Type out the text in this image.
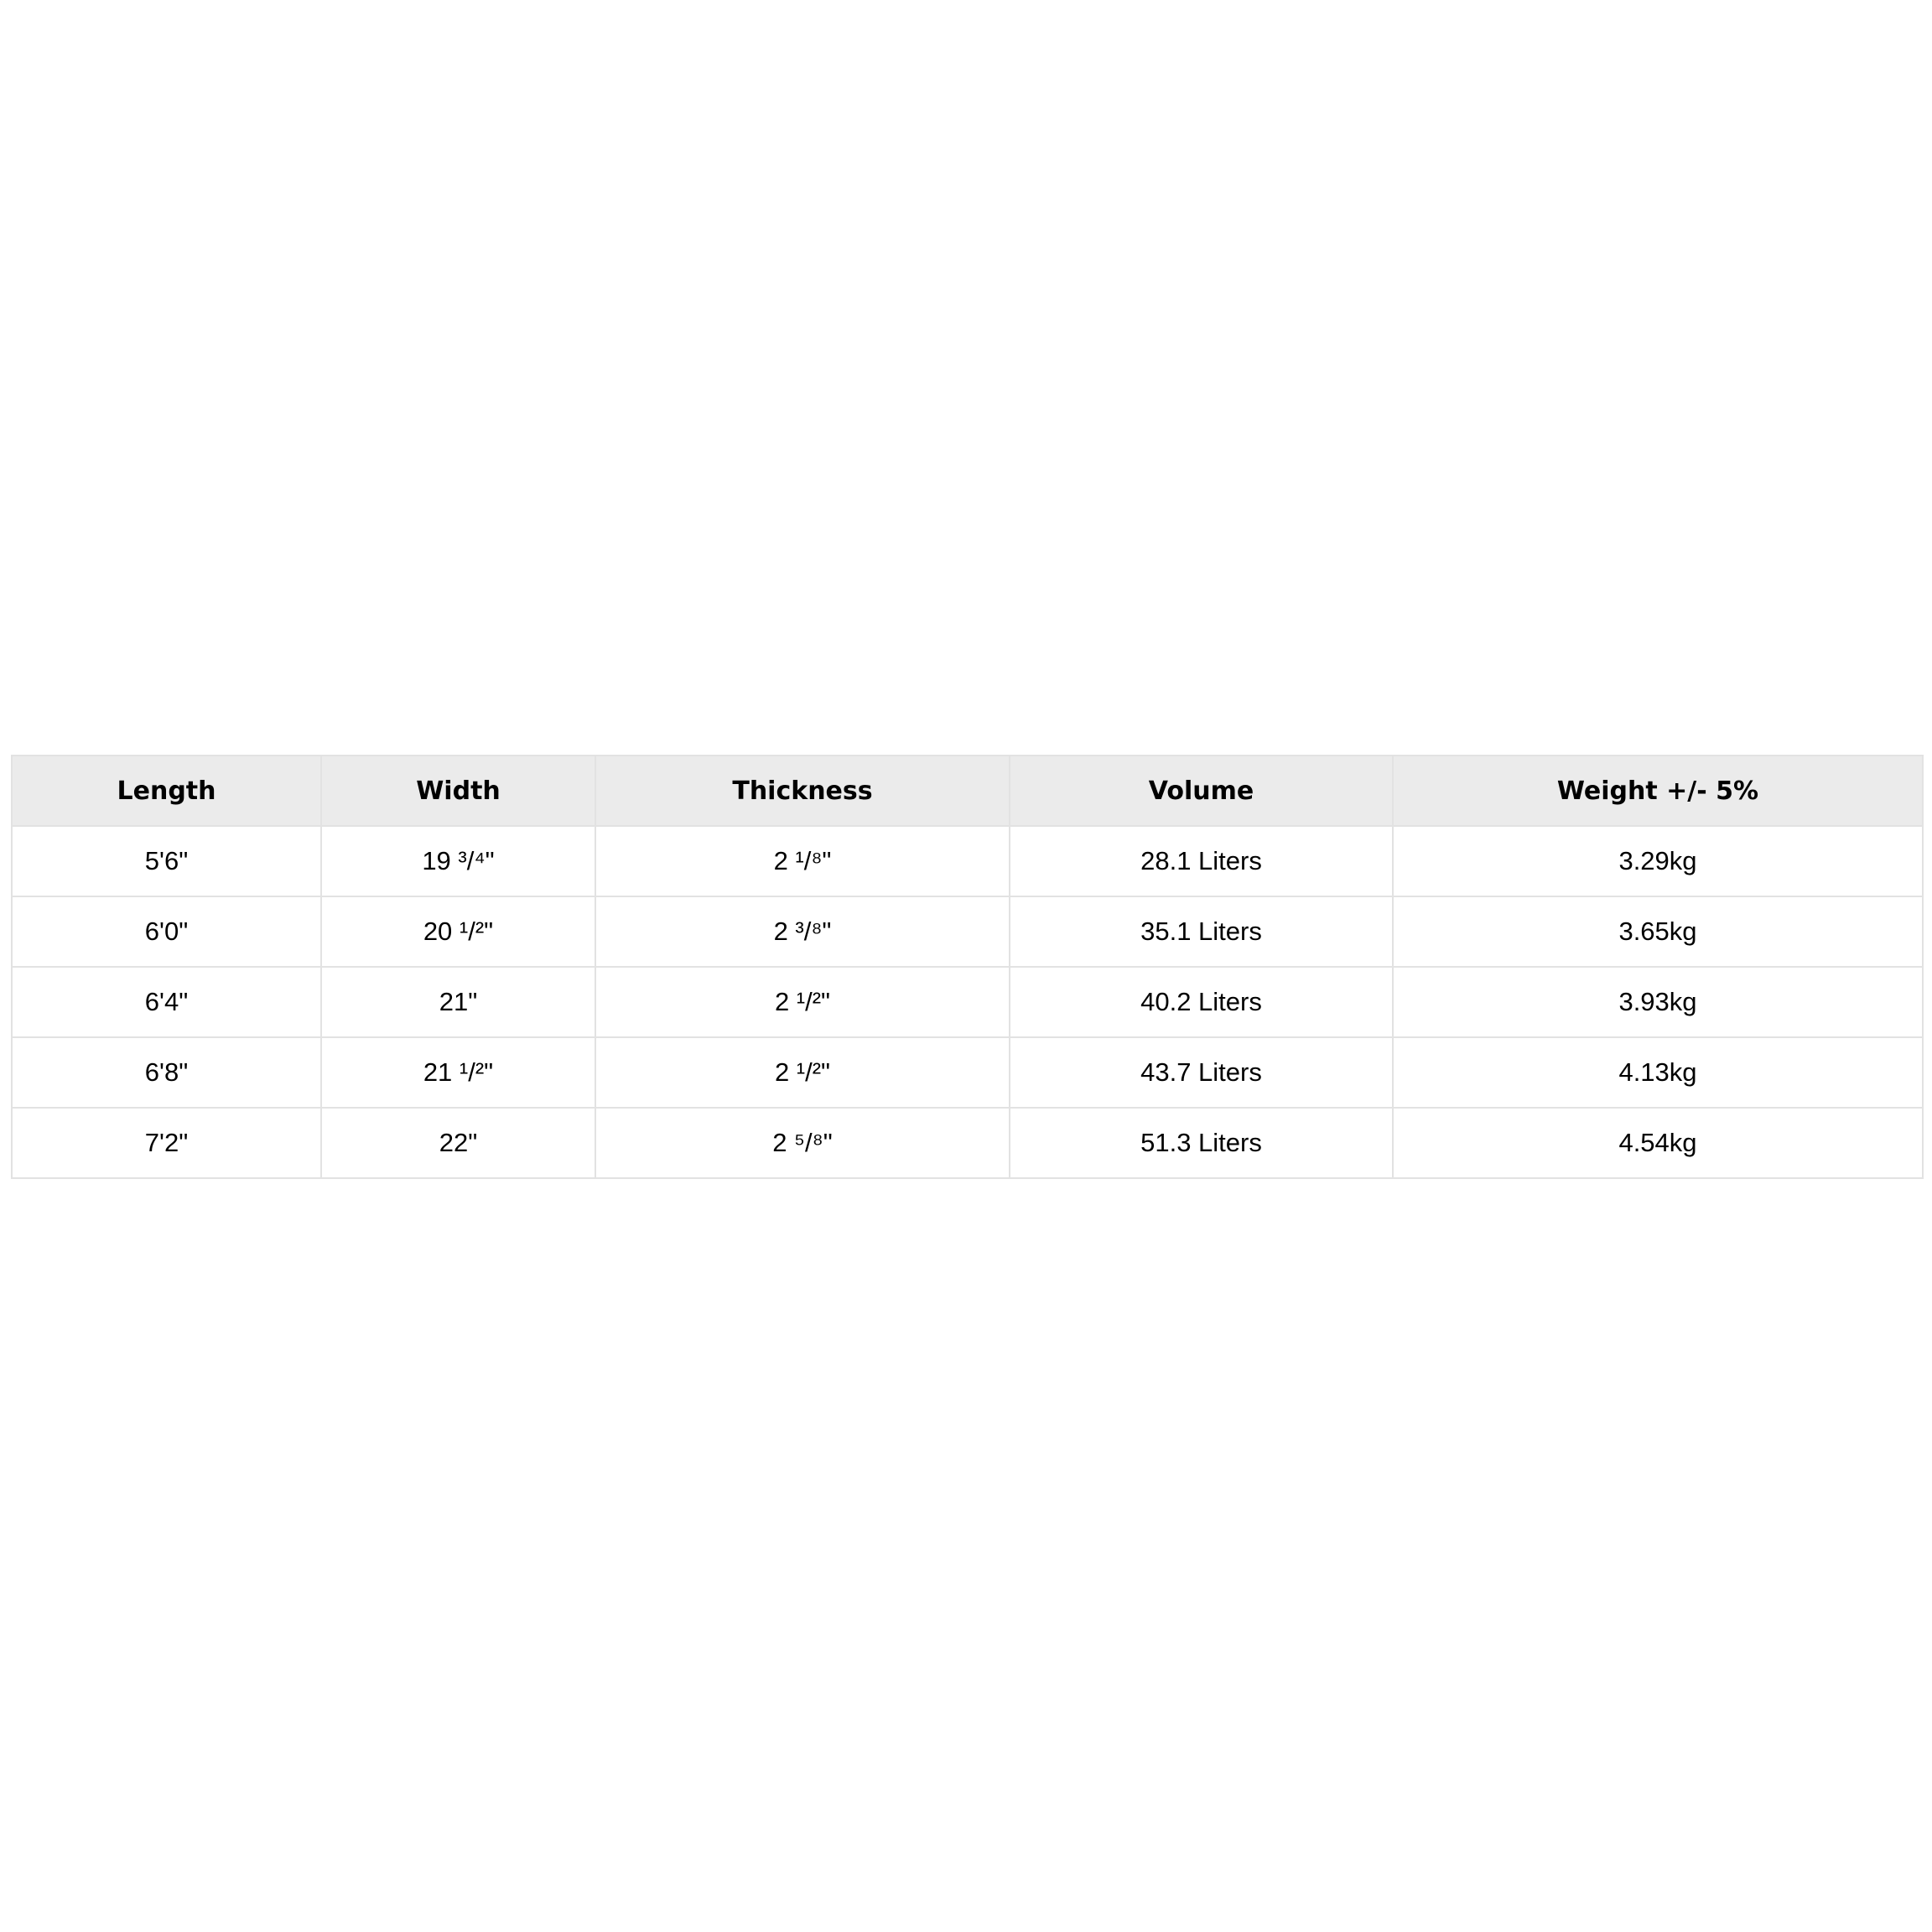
Length	Width	Thickness	Volume	Weight +/- 5%
5'6"	19 ³/⁴"	2 ¹/⁸"	28.1 Liters	3.29kg
6'0"	20 ¹/²"	2 ³/⁸"	35.1 Liters	3.65kg
6'4"	21"	2 ¹/²"	40.2 Liters	3.93kg
6'8"	21 ¹/²"	2 ¹/²"	43.7 Liters	4.13kg
7'2"	22"	2 ⁵/⁸"	51.3 Liters	4.54kg
